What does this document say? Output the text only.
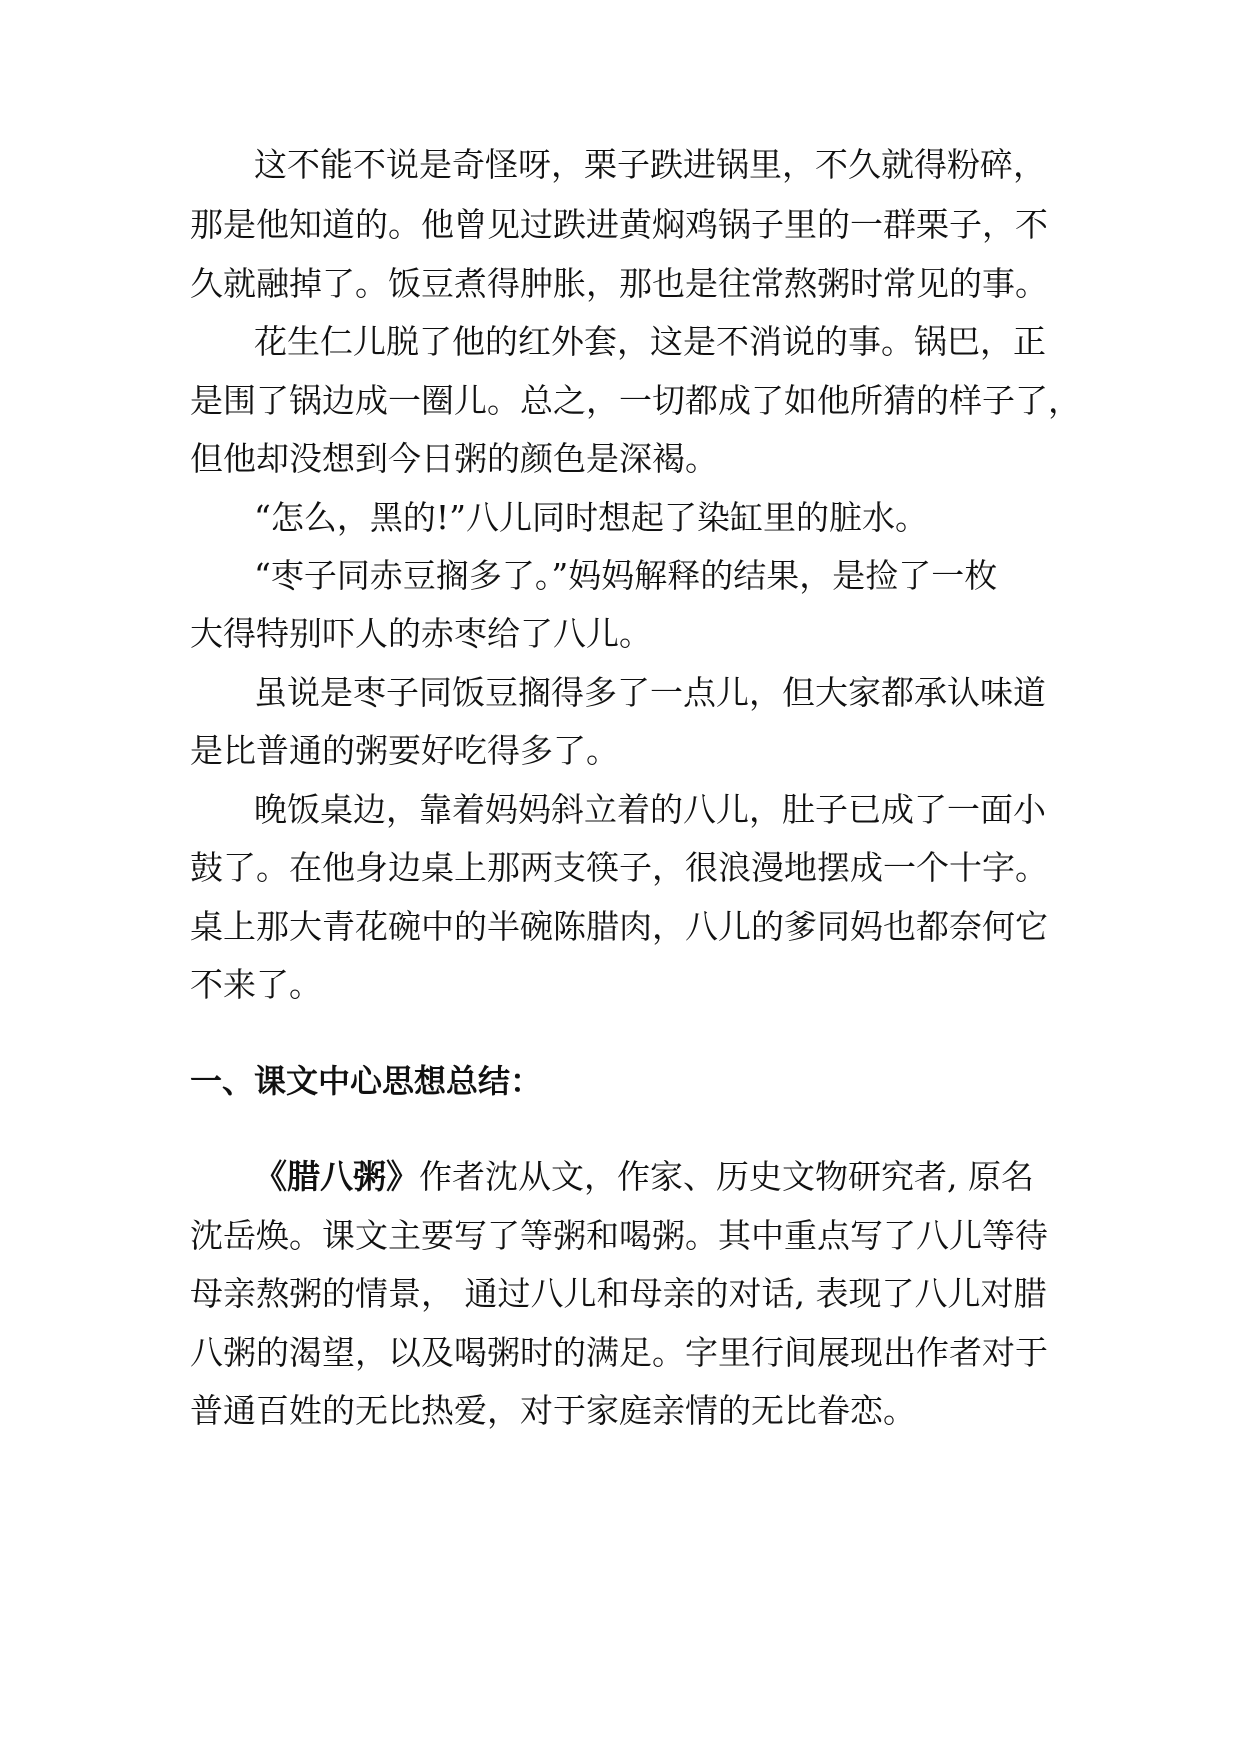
这不能不说是奇怪呀，栗子跌进锅里，不久就得粉碎，
那是他知道的。他曾见过跌进黄焖鸡锅子里的一群栗子，不
久就融掉了。饭豆煮得肿胀，那也是往常熬粥时常见的事。
花生仁儿脱了他的红外套，这是不消说的事。锅巴，正
是围了锅边成一圈儿。总之，一切都成了如他所猜的样子了，
但他却没想到今日粥的颜色是深褐。
“怎么，黑的!”八儿同时想起了染缸里的脏水。
“枣子同赤豆搁多了。”妈妈解释的结果，是捡了一枚
大得特别吓人的赤枣给了八儿。
虽说是枣子同饭豆搁得多了一点儿，但大家都承认味道
是比普通的粥要好吃得多了。
晚饭桌边，靠着妈妈斜立着的八儿，肚子已成了一面小
鼓了。在他身边桌上那两支筷子，很浪漫地摆成一个十字。
桌上那大青花碗中的半碗陈腊肉，八儿的爹同妈也都奈何它
不来了。
一、课文中心思想总结：
《腊八粥》作者沈从文，作家、历史文物研究者, 原名
沈岳焕。课文主要写了等粥和喝粥。其中重点写了八儿等待
母亲熬粥的情景， 通过八儿和母亲的对话, 表现了八儿对腊
八粥的渴望，以及喝粥时的满足。字里行间展现出作者对于
普通百姓的无比热爱，对于家庭亲情的无比眷恋。
